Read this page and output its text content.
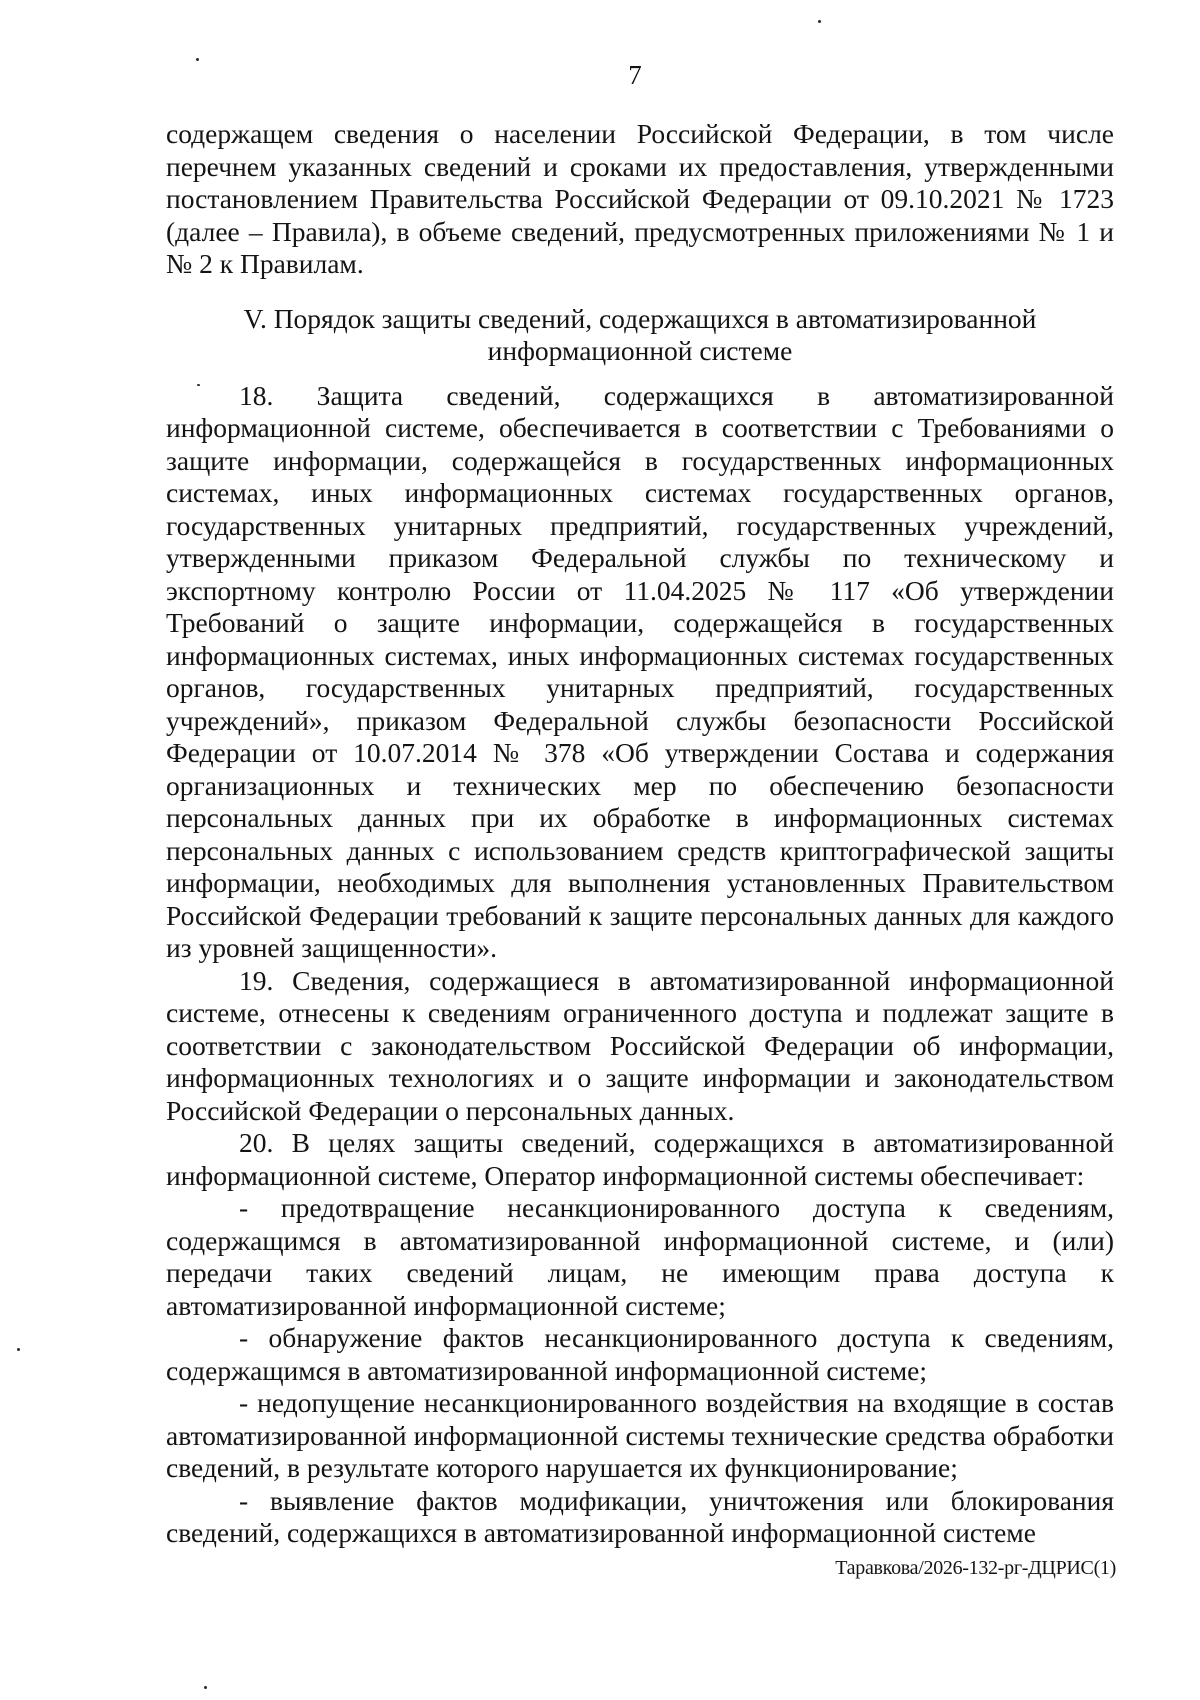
7

содержащем сведения о населении Российской Федерации, в том числе перечнем указанных сведений и сроками их предоставления, утвержденными постановлением Правительства Российской Федерации от 09.10.2021 № 1723 (далее – Правила), в объеме сведений, предусмотренных приложениями № 1 и № 2 к Правилам.

V. Порядок защиты сведений, содержащихся в автоматизированной информационной системе

18. Защита сведений, содержащихся в автоматизированной информационной системе, обеспечивается в соответствии с Требованиями о защите информации, содержащейся в государственных информационных системах, иных информационных системах государственных органов, государственных унитарных предприятий, государственных учреждений, утвержденными приказом Федеральной службы по техническому и экспортному контролю России от 11.04.2025 № 117 «Об утверждении Требований о защите информации, содержащейся в государственных информационных системах, иных информационных системах государственных органов, государственных унитарных предприятий, государственных учреждений», приказом Федеральной службы безопасности Российской Федерации от 10.07.2014 № 378 «Об утверждении Состава и содержания организационных и технических мер по обеспечению безопасности персональных данных при их обработке в информационных системах персональных данных с использованием средств криптографической защиты информации, необходимых для выполнения установленных Правительством Российской Федерации требований к защите персональных данных для каждого из уровней защищенности».

19. Сведения, содержащиеся в автоматизированной информационной системе, отнесены к сведениям ограниченного доступа и подлежат защите в соответствии с законодательством Российской Федерации об информации, информационных технологиях и о защите информации и законодательством Российской Федерации о персональных данных.

20. В целях защиты сведений, содержащихся в автоматизированной информационной системе, Оператор информационной системы обеспечивает:

- предотвращение несанкционированного доступа к сведениям, содержащимся в автоматизированной информационной системе, и (или) передачи таких сведений лицам, не имеющим права доступа к автоматизированной информационной системе;

- обнаружение фактов несанкционированного доступа к сведениям, содержащимся в автоматизированной информационной системе;

- недопущение несанкционированного воздействия на входящие в состав автоматизированной информационной системы технические средства обработки сведений, в результате которого нарушается их функционирование;

- выявление фактов модификации, уничтожения или блокирования сведений, содержащихся в автоматизированной информационной системе

Таравкова/2026-132-рг-ДЦРИС(1)
